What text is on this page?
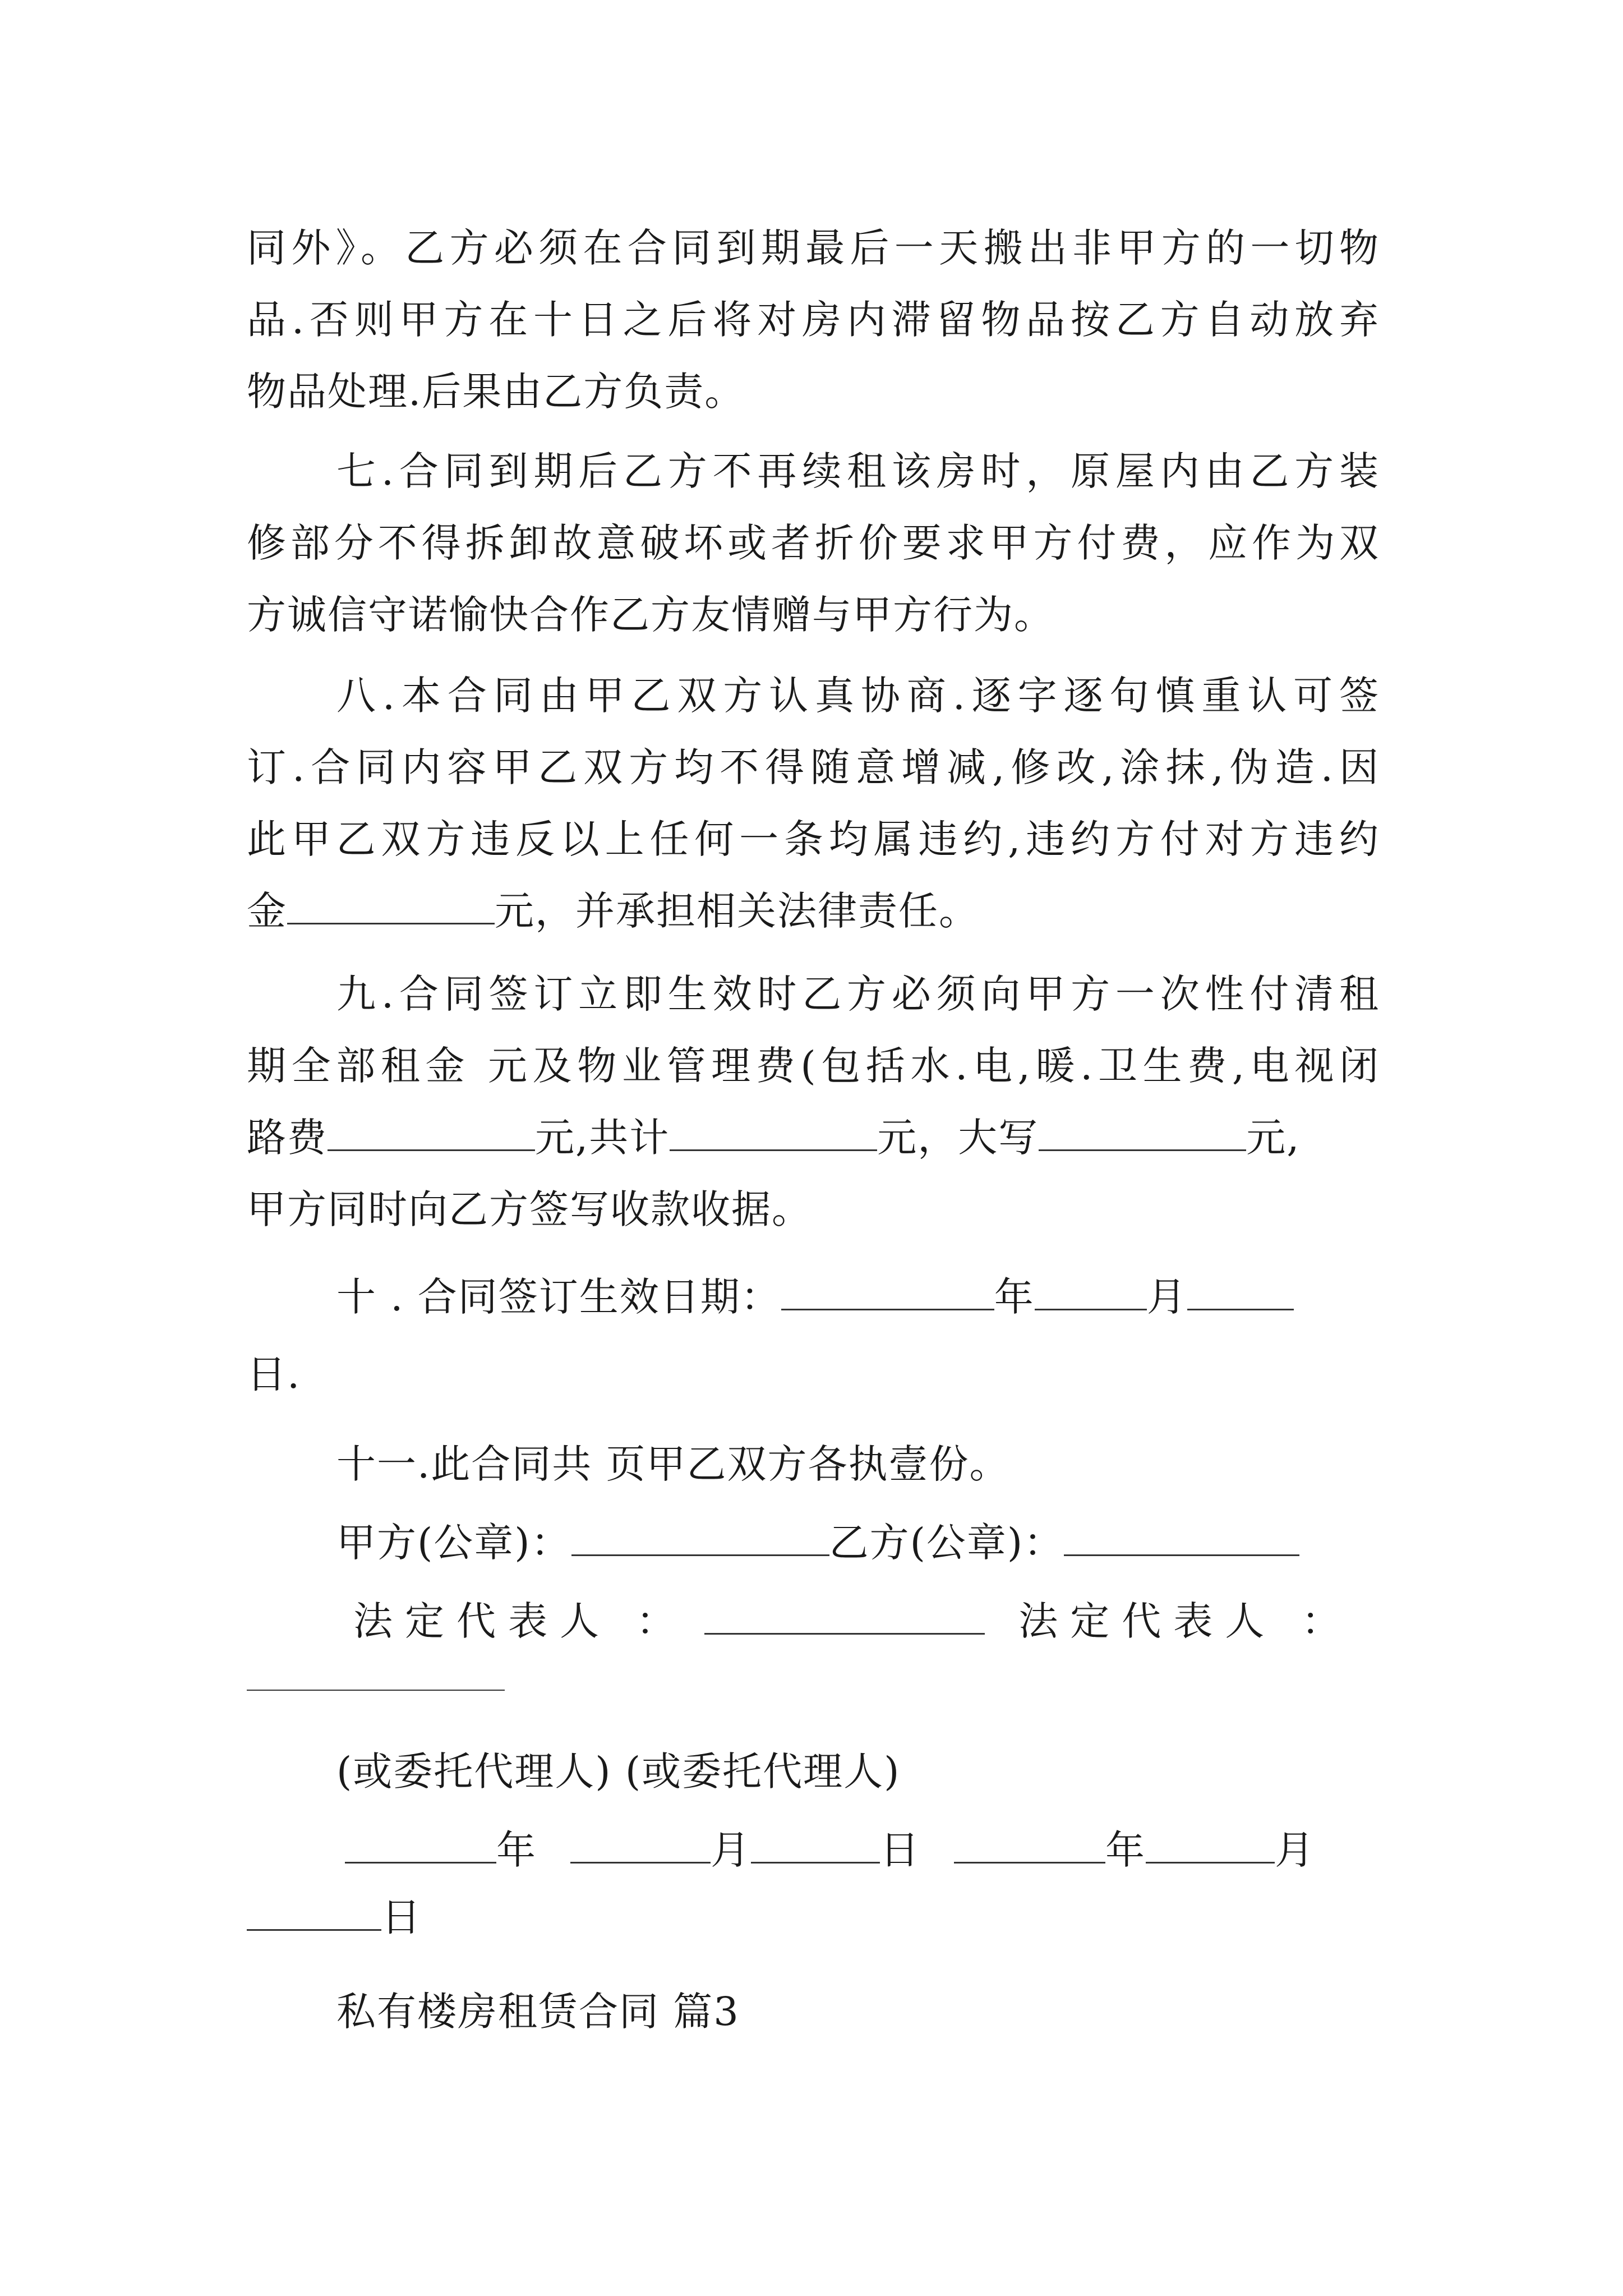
同外》。乙方必须在合同到期最后一天搬出非甲方的一切物
品.否则甲方在十日之后将对房内滞留物品按乙方自动放弃
物品处理.后果由乙方负责。
七.合同到期后乙方不再续租该房时，原屋内由乙方装
修部分不得拆卸故意破坏或者折价要求甲方付费，应作为双
方诚信守诺愉快合作乙方友情赠与甲方行为。
八.本合同由甲乙双方认真协商.逐字逐句慎重认可签
订.合同内容甲乙双方均不得随意增减,修改,涂抹,伪造.因
此甲乙双方违反以上任何一条均属违约,违约方付对方违约
金	元，并承担相关法律责任。
九.合同签订立即生效时乙方必须向甲方一次性付清租
期全部租金 元及物业管理费(包括水.电,暖.卫生费,电视闭
路费	元,共计	元，大写	元,
甲方同时向乙方签写收款收据。
十 . 合同签订生效日期：	年	月
日.
十一.此合同共 页甲乙双方各执壹份。
甲方(公章)：	乙方(公章)：
法定代表人 ：	法定代表人 ：
(或委托代理人) (或委托代理人)
年	月	日	年	月
日
私有楼房租赁合同 篇3
